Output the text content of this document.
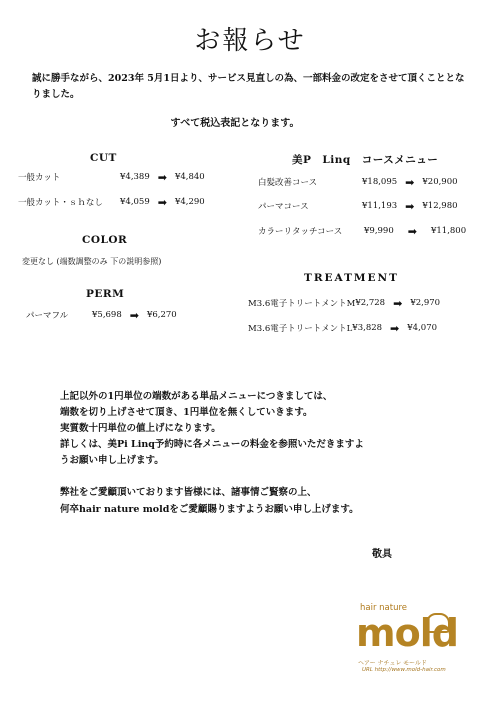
お報らせ
誠に勝手ながら、2023年 5月1日より、サービス見直しの為、一部料金の改定をさせて頂くこととなりました。
すべて税込表記となります。
CUT
一般カット	¥4,389 ➡ ¥4,840
一般カット・ｓｈなし	¥4,059 ➡ ¥4,290
COLOR
変更なし (端数調整のみ 下の説明参照)
PERM
パーマフル	¥5,698 ➡ ¥6,270
美P　Linq　コースメニュー
白髪改善コース	¥18,095 ➡ ¥20,900
パーマコース	¥11,193 ➡ ¥12,980
カラーリタッチコース	¥9,990 ➡ ¥11,800
TREATMENT
M3.6電子トリートメントM ¥2,728 ➡ ¥2,970
M3.6電子トリートメントL ¥3,828 ➡ ¥4,070
上記以外の1円単位の端数がある単品メニューにつきましては、
端数を切り上げさせて頂き、1円単位を無くしていきます。
実質数十円単位の値上げになります。
詳しくは、美Pi Linq予約時に各メニューの料金を参照いただきますよ
うお願い申し上げます。
弊社をご愛顧頂いております皆様には、諸事情ご賢察の上、
何卒hair nature moldをご愛顧賜りますようお願い申し上げます。
敬具
hair nature
mold
ヘアー ナチュレ モールド
URL http://www.mold-hair.com
